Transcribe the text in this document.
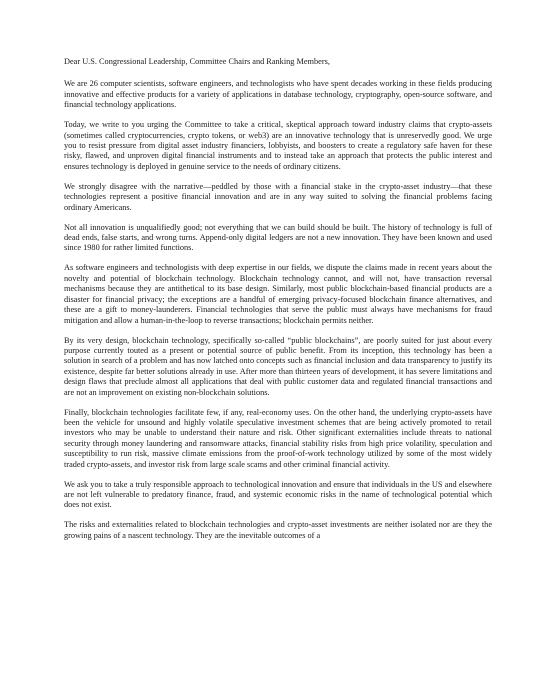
Dear U.S. Congressional Leadership, Committee Chairs and Ranking Members,

We are 26 computer scientists, software engineers, and technologists who have spent decades working in these fields producing innovative and effective products for a variety of applications in database technology, cryptography, open-source software, and financial technology applications.

Today, we write to you urging the Committee to take a critical, skeptical approach toward industry claims that crypto-assets (sometimes called cryptocurrencies, crypto tokens, or web3) are an innovative technology that is unreservedly good. We urge you to resist pressure from digital asset industry financiers, lobbyists, and boosters to create a regulatory safe haven for these risky, flawed, and unproven digital financial instruments and to instead take an approach that protects the public interest and ensures technology is deployed in genuine service to the needs of ordinary citizens.

We strongly disagree with the narrative—peddled by those with a financial stake in the crypto-asset industry—that these technologies represent a positive financial innovation and are in any way suited to solving the financial problems facing ordinary Americans.

Not all innovation is unqualifiedly good; not everything that we can build should be built. The history of technology is full of dead ends, false starts, and wrong turns. Append-only digital ledgers are not a new innovation. They have been known and used since 1980 for rather limited functions.

As software engineers and technologists with deep expertise in our fields, we dispute the claims made in recent years about the novelty and potential of blockchain technology. Blockchain technology cannot, and will not, have transaction reversal mechanisms because they are antithetical to its base design. Similarly, most public blockchain-based financial products are a disaster for financial privacy; the exceptions are a handful of emerging privacy-focused blockchain finance alternatives, and these are a gift to money-launderers. Financial technologies that serve the public must always have mechanisms for fraud mitigation and allow a human-in-the-loop to reverse transactions; blockchain permits neither.

By its very design, blockchain technology, specifically so-called “public blockchains”, are poorly suited for just about every purpose currently touted as a present or potential source of public benefit. From its inception, this technology has been a solution in search of a problem and has now latched onto concepts such as financial inclusion and data transparency to justify its existence, despite far better solutions already in use. After more than thirteen years of development, it has severe limitations and design flaws that preclude almost all applications that deal with public customer data and regulated financial transactions and are not an improvement on existing non-blockchain solutions.

Finally, blockchain technologies facilitate few, if any, real-economy uses. On the other hand, the underlying crypto-assets have been the vehicle for unsound and highly volatile speculative investment schemes that are being actively promoted to retail investors who may be unable to understand their nature and risk. Other significant externalities include threats to national security through money laundering and ransomware attacks, financial stability risks from high price volatility, speculation and susceptibility to run risk, massive climate emissions from the proof-of-work technology utilized by some of the most widely traded crypto-assets, and investor risk from large scale scams and other criminal financial activity.

We ask you to take a truly responsible approach to technological innovation and ensure that individuals in the US and elsewhere are not left vulnerable to predatory finance, fraud, and systemic economic risks in the name of technological potential which does not exist.

The risks and externalities related to blockchain technologies and crypto-asset investments are neither isolated nor are they the growing pains of a nascent technology. They are the inevitable outcomes of a
